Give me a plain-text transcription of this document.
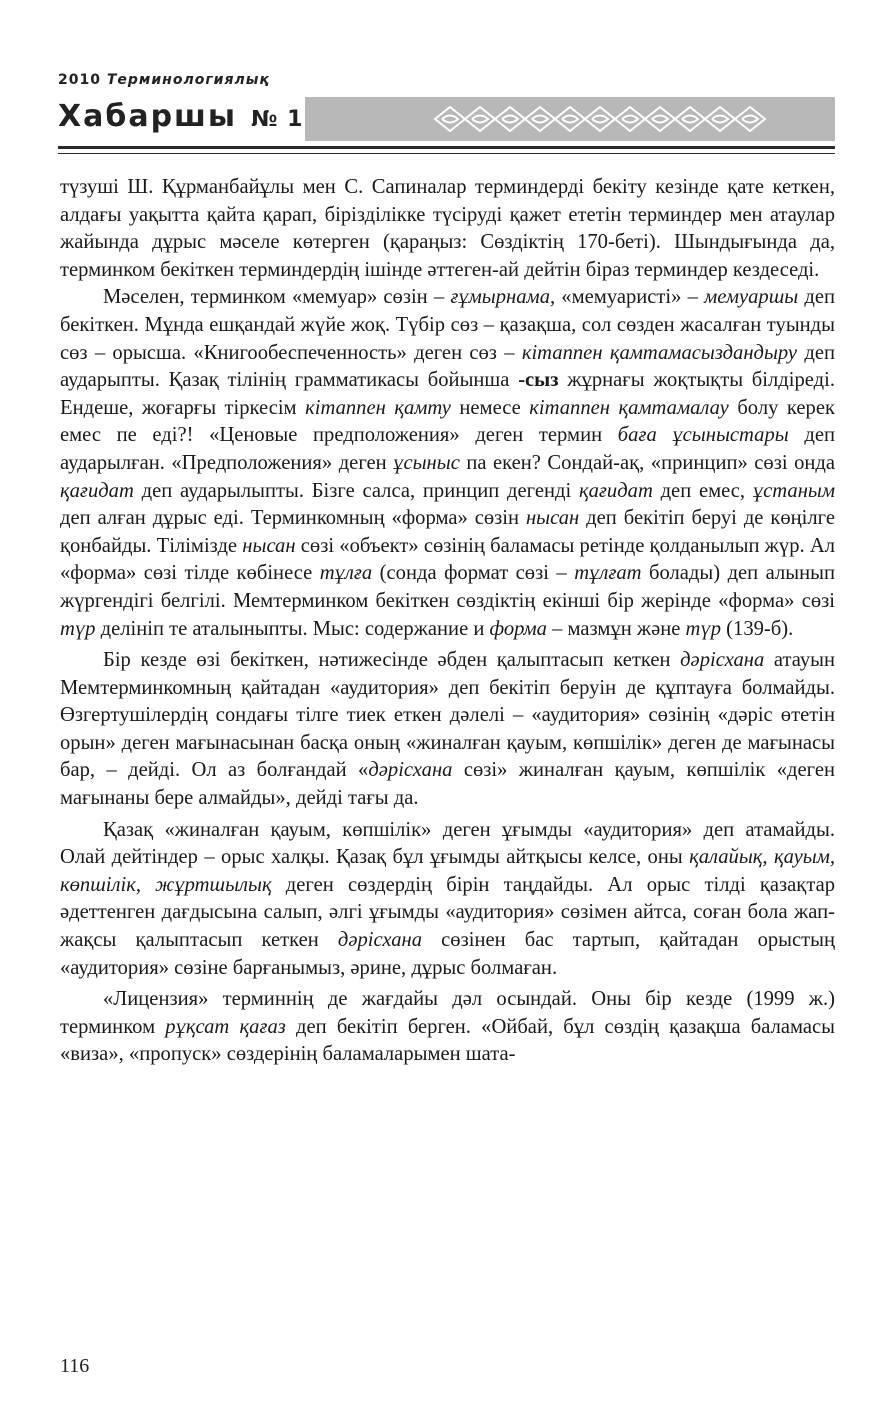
2010 Терминологиялық
Хабаршы № 1

түзуші Ш. Құрманбайұлы мен С. Сапиналар терминдерді бекіту кезінде қате кеткен, алдағы уақытта қайта қарап, біріздiлікке түсіруді қажет ететін терминдер мен атаулар жайында дұрыс мәселе көтерген (қараңыз: Сөздіктің 170-беті). Шындығында да, терминком бекіткен терминдердің ішінде әттеген-ай дейтін біраз терминдер кездеседі.

Мәселен, терминком «мемуар» сөзін – ғұмырнама, «мемуаристі» – мемуаршы деп бекіткен. Мұнда ешқандай жүйе жоқ. Түбір сөз – қазақша, сол сөзден жасалған туынды сөз – орысша. «Книгообеспеченность» деген сөз – кітаппен қамтамасыздандыру деп аударыпты. Қазақ тілінің грамматикасы бойынша -сыз жұрнағы жоқтықты білдіреді. Ендеше, жоғарғы тіркесім кітаппен қамту немесе кітаппен қамтамалау болу керек емес пе еді?! «Ценовые предположения» деген термин баға ұсыныстары деп аударылған. «Предположения» деген ұсыныс па екен? Сондай-ақ, «принцип» сөзі онда қағидат деп аударылыпты. Бізге салса, принцип дегенді қағидат деп емес, ұстаным деп алған дұрыс еді. Терминкомның «форма» сөзін нысан деп бекітіп беруі де көңілге қонбайды. Тілімізде нысан сөзі «объект» сөзінің баламасы ретінде қолданылып жүр. Ал «форма» сөзі тілде көбінесе тұлға (сонда формат сөзі – тұлғат болады) деп алынып жүргендігі белгілі. Мемтерминком бекіткен сөздіктің екінші бір жерінде «форма» сөзі түр делініп те аталыныпты. Мыс: содержание и форма – мазмұн және түр (139-б).

Бір кезде өзі бекіткен, нәтижесінде әбден қалыптасып кеткен дәрісхана атауын Мемтерминкомның қайтадан «аудитория» деп бекітіп беруін де құптауға болмайды. Өзгертушілердің сондағы тілге тиек еткен дәлелі – «аудитория» сөзінің «дәріс өтетін орын» деген мағынасынан басқа оның «жиналған қауым, көпшілік» деген де мағынасы бар, – дейді. Ол аз болғандай «дәрісхана сөзі» жиналған қауым, көпшілік «деген мағынаны бере алмайды», дейді тағы да.

Қазақ «жиналған қауым, көпшілік» деген ұғымды «аудитория» деп атамайды. Олай дейтіндер – орыс халқы. Қазақ бұл ұғымды айтқысы келсе, оны қалайық, қауым, көпшілік, жұртшылық деген сөздердің бірін таңдайды. Ал орыс тілді қазақтар әдеттенген дағдысына салып, әлгі ұғымды «аудитория» сөзімен айтса, соған бола жап-жақсы қалыптасып кеткен дәрісхана сөзінен бас тартып, қайтадан орыстың «аудитория» сөзіне барғанымыз, әрине, дұрыс болмаған.

«Лицензия» терминнің де жағдайы дәл осындай. Оны бір кезде (1999 ж.) терминком рұқсат қағаз деп бекітіп берген. «Ойбай, бұл сөздің қазақша баламасы «виза», «пропуск» сөздерінің баламаларымен шата-

116
